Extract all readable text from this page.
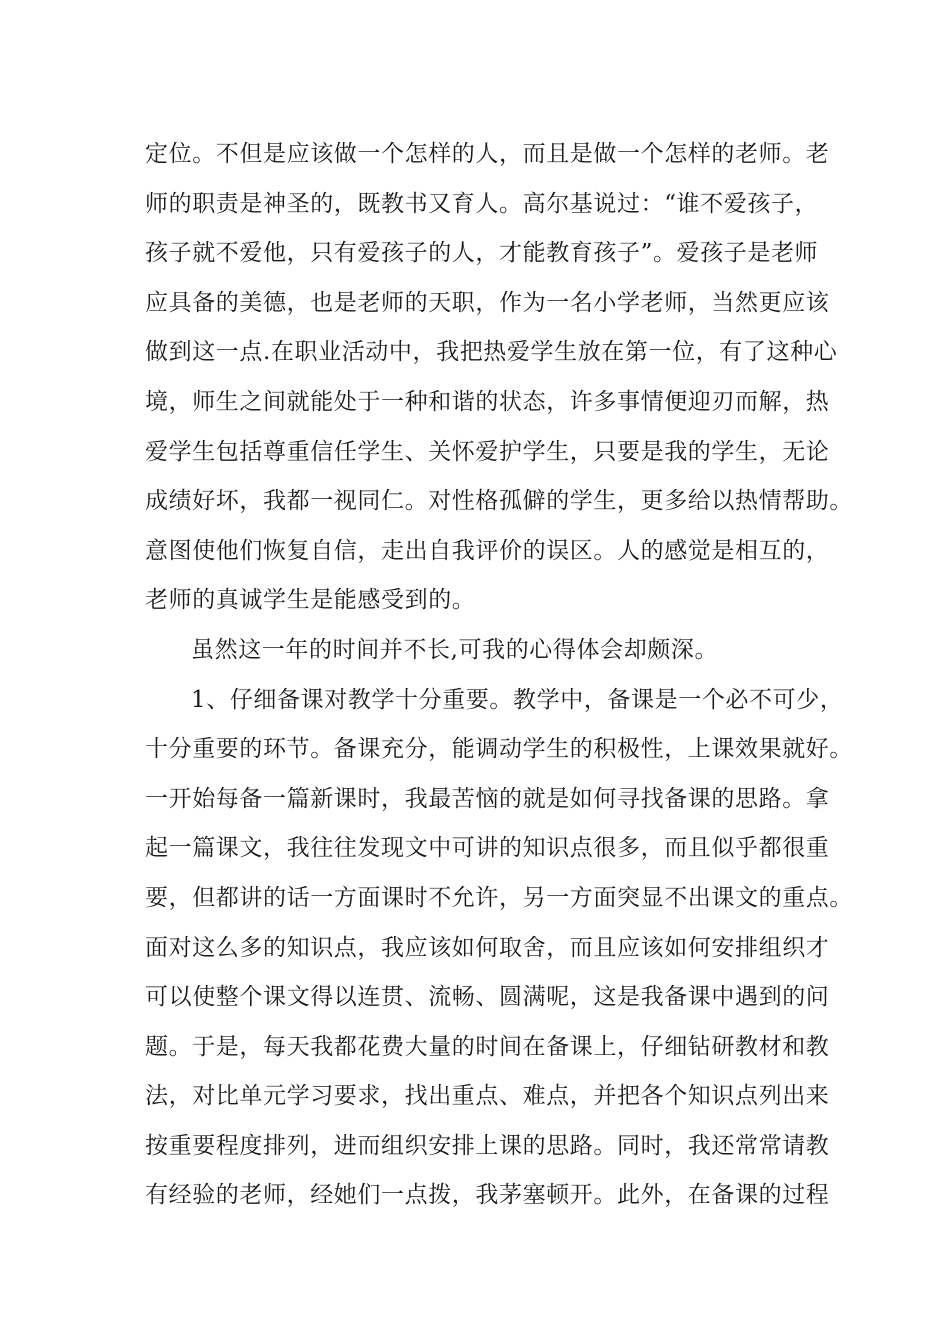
定位。不但是应该做一个怎样的人，而且是做一个怎样的老师。老
师的职责是神圣的，既教书又育人。高尔基说过：“谁不爱孩子，
孩子就不爱他，只有爱孩子的人，才能教育孩子”。爱孩子是老师
应具备的美德，也是老师的天职，作为一名小学老师，当然更应该
做到这一点.在职业活动中，我把热爱学生放在第一位，有了这种心
境，师生之间就能处于一种和谐的状态，许多事情便迎刃而解，热
爱学生包括尊重信任学生、关怀爱护学生，只要是我的学生，无论
成绩好坏，我都一视同仁。对性格孤僻的学生，更多给以热情帮助。
意图使他们恢复自信，走出自我评价的误区。人的感觉是相互的，
老师的真诚学生是能感受到的。
虽然这一年的时间并不长,可我的心得体会却颇深。
1、仔细备课对教学十分重要。教学中，备课是一个必不可少，
十分重要的环节。备课充分，能调动学生的积极性，上课效果就好。
一开始每备一篇新课时，我最苦恼的就是如何寻找备课的思路。拿
起一篇课文，我往往发现文中可讲的知识点很多，而且似乎都很重
要，但都讲的话一方面课时不允许，另一方面突显不出课文的重点。
面对这么多的知识点，我应该如何取舍，而且应该如何安排组织才
可以使整个课文得以连贯、流畅、圆满呢，这是我备课中遇到的问
题。于是，每天我都花费大量的时间在备课上，仔细钻研教材和教
法，对比单元学习要求，找出重点、难点，并把各个知识点列出来
按重要程度排列，进而组织安排上课的思路。同时，我还常常请教
有经验的老师，经她们一点拨，我茅塞顿开。此外，在备课的过程
